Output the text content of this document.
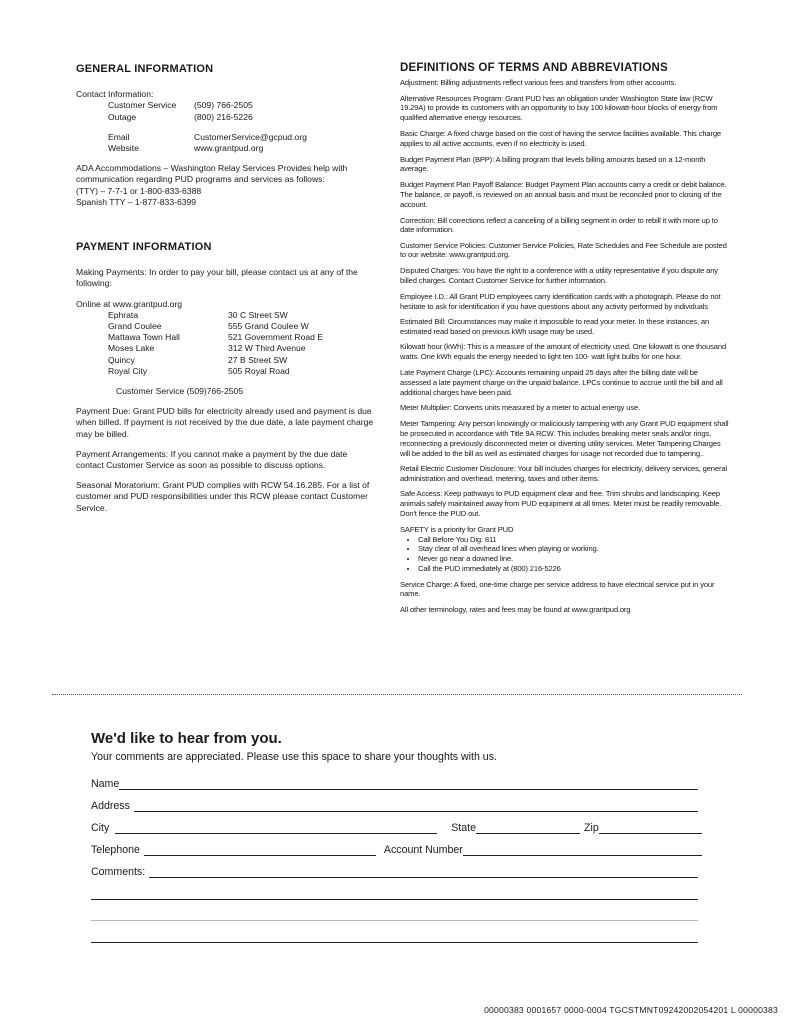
GENERAL INFORMATION

Contact Information:

Customer Service	(509) 766-2505
Outage	(800) 216-5226
Email	CustomerService@gcpud.org
Website	www.grantpud.org

ADA Accommodations – Washington Relay Services Provides help with communication regarding PUD programs and services as follows:

(TTY) – 7-7-1 or 1-800-833-6388

Spanish TTY – 1-877-833-6399

PAYMENT INFORMATION

Making Payments: In order to pay your bill, please contact us at any of the following:

Online at www.grantpud.org

Ephrata	30 C Street SW
Grand Coulee	555 Grand Coulee W
Mattawa Town Hall	521 Government Road E
Moses Lake	312 W Third Avenue
Quincy	27 B Street SW
Royal City	505 Royal Road

Customer Service (509)766-2505

Payment Due: Grant PUD bills for electricity already used and payment is due when billed. If payment is not received by the due date, a late payment charge may be billed.

Payment Arrangements: If you cannot make a payment by the due date contact Customer Service as soon as possible to discuss options.

Seasonal Moratorium: Grant PUD complies with RCW 54.16.285. For a list of customer and PUD responsibilities under this RCW please contact Customer Service.

DEFINITIONS OF TERMS AND ABBREVIATIONS

Adjustment: Billing adjustments reflect various fees and transfers from other accounts.

Alternative Resources Program: Grant PUD has an obligation under Washington State law (RCW 19.29A) to provide its customers with an opportunity to buy 100 kilowatt-hour blocks of energy from qualified alternative energy resources.

Basic Charge: A fixed charge based on the cost of having the service facilities available. This charge applies to all active accounts, even if no electricity is used.

Budget Payment Plan (BPP): A billing program that levels billing amounts based on a 12-month average.

Budget Payment Plan Payoff Balance: Budget Payment Plan accounts carry a credit or debit balance. The balance, or payoff, is reviewed on an annual basis and must be reconciled prior to closing of the account.

Correction: Bill corrections reflect a canceling of a billing segment in order to rebill it with more up to date information.

Customer Service Policies: Customer Service Policies, Rate Schedules and Fee Schedule are posted to our website: www.grantpud.org.

Disputed Charges: You have the right to a conference with a utility representative if you dispute any billed charges. Contact Customer Service for further information.

Employee I.D.: All Grant PUD employees carry identification cards with a photograph. Please do not hesitate to ask for identification if you have questions about any activity performed by individuals

Estimated Bill: Circumstances may make it impossible to read your meter. In these instances, an estimated read based on previous kWh usage may be used.

Kilowatt hour (kWh): This is a measure of the amount of electricity used. One kilowatt is one thousand watts. One kWh equals the energy needed to light ten 100- watt light bulbs for one hour.

Late Payment Charge (LPC): Accounts remaining unpaid 25 days after the billing date will be assessed a late payment charge on the unpaid balance. LPCs continue to accrue until the bill and all additional charges have been paid.

Meter Multiplier: Converts units measured by a meter to actual energy use.

Meter Tampering: Any person knowingly or maliciously tampering with any Grant PUD equipment shall be prosecuted in accordance with Title 9A RCW. This includes breaking meter seals and/or rings, reconnecting a previously disconnected meter or diverting utility services. Meter Tampering Charges will be added to the bill as well as estimated charges for usage not recorded due to tampering..

Retail Electric Customer Disclosure: Your bill includes charges for electricity, delivery services, general administration and overhead, metering, taxes and other items.

Safe Access: Keep pathways to PUD equipment clear and free. Trim shrubs and landscaping. Keep animals safely maintained away from PUD equipment at all times. Meter must be readily removable. Don't fence the PUD out.

SAFETY is a priority for Grant PUD

• Call Before You Dig: 811
• Stay clear of all overhead lines when playing or working.
• Never go near a downed line.
• Call the PUD immediately at (800) 216-5226

Service Charge: A fixed, one-time charge per service address to have electrical service put in your name.

All other terminology, rates and fees may be found at www.grantpud.org

We'd like to hear from you.

Your comments are appreciated. Please use this space to share your thoughts with us.

Name
Address
City	State	Zip
Telephone	Account Number
Comments:
00000383 0001657 0000-0004 TGCSTMNT09242002054201 L 00000383
